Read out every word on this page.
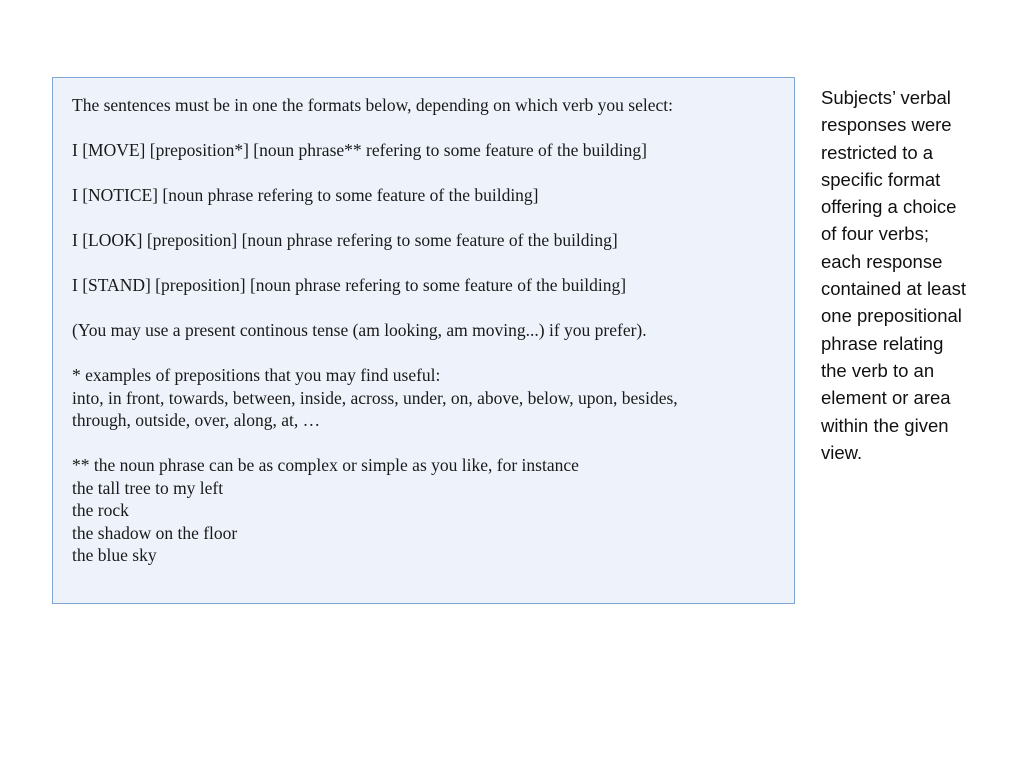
The sentences must be in one the formats below, depending on which verb you select:

I [MOVE] [preposition*] [noun phrase** refering to some feature of the building]

I [NOTICE] [noun phrase refering to some feature of the building]

I [LOOK] [preposition] [noun phrase refering to some feature of the building]

I [STAND] [preposition] [noun phrase refering to some feature of the building]

(You may use a present continous tense (am looking, am moving...) if you prefer).

* examples of prepositions that you may find useful:

into, in front, towards, between, inside, across, under, on, above, below, upon, besides,

through, outside, over, along, at, …

** the noun phrase can be as complex or simple as you like, for instance

the tall tree to my left

the rock

the shadow on the floor

the blue sky

Subjects’ verbal
responses were
restricted to a
specific format
offering a choice
of four verbs;
each response
contained at least
one prepositional
phrase relating
the verb to an
element or area
within the given
view.
